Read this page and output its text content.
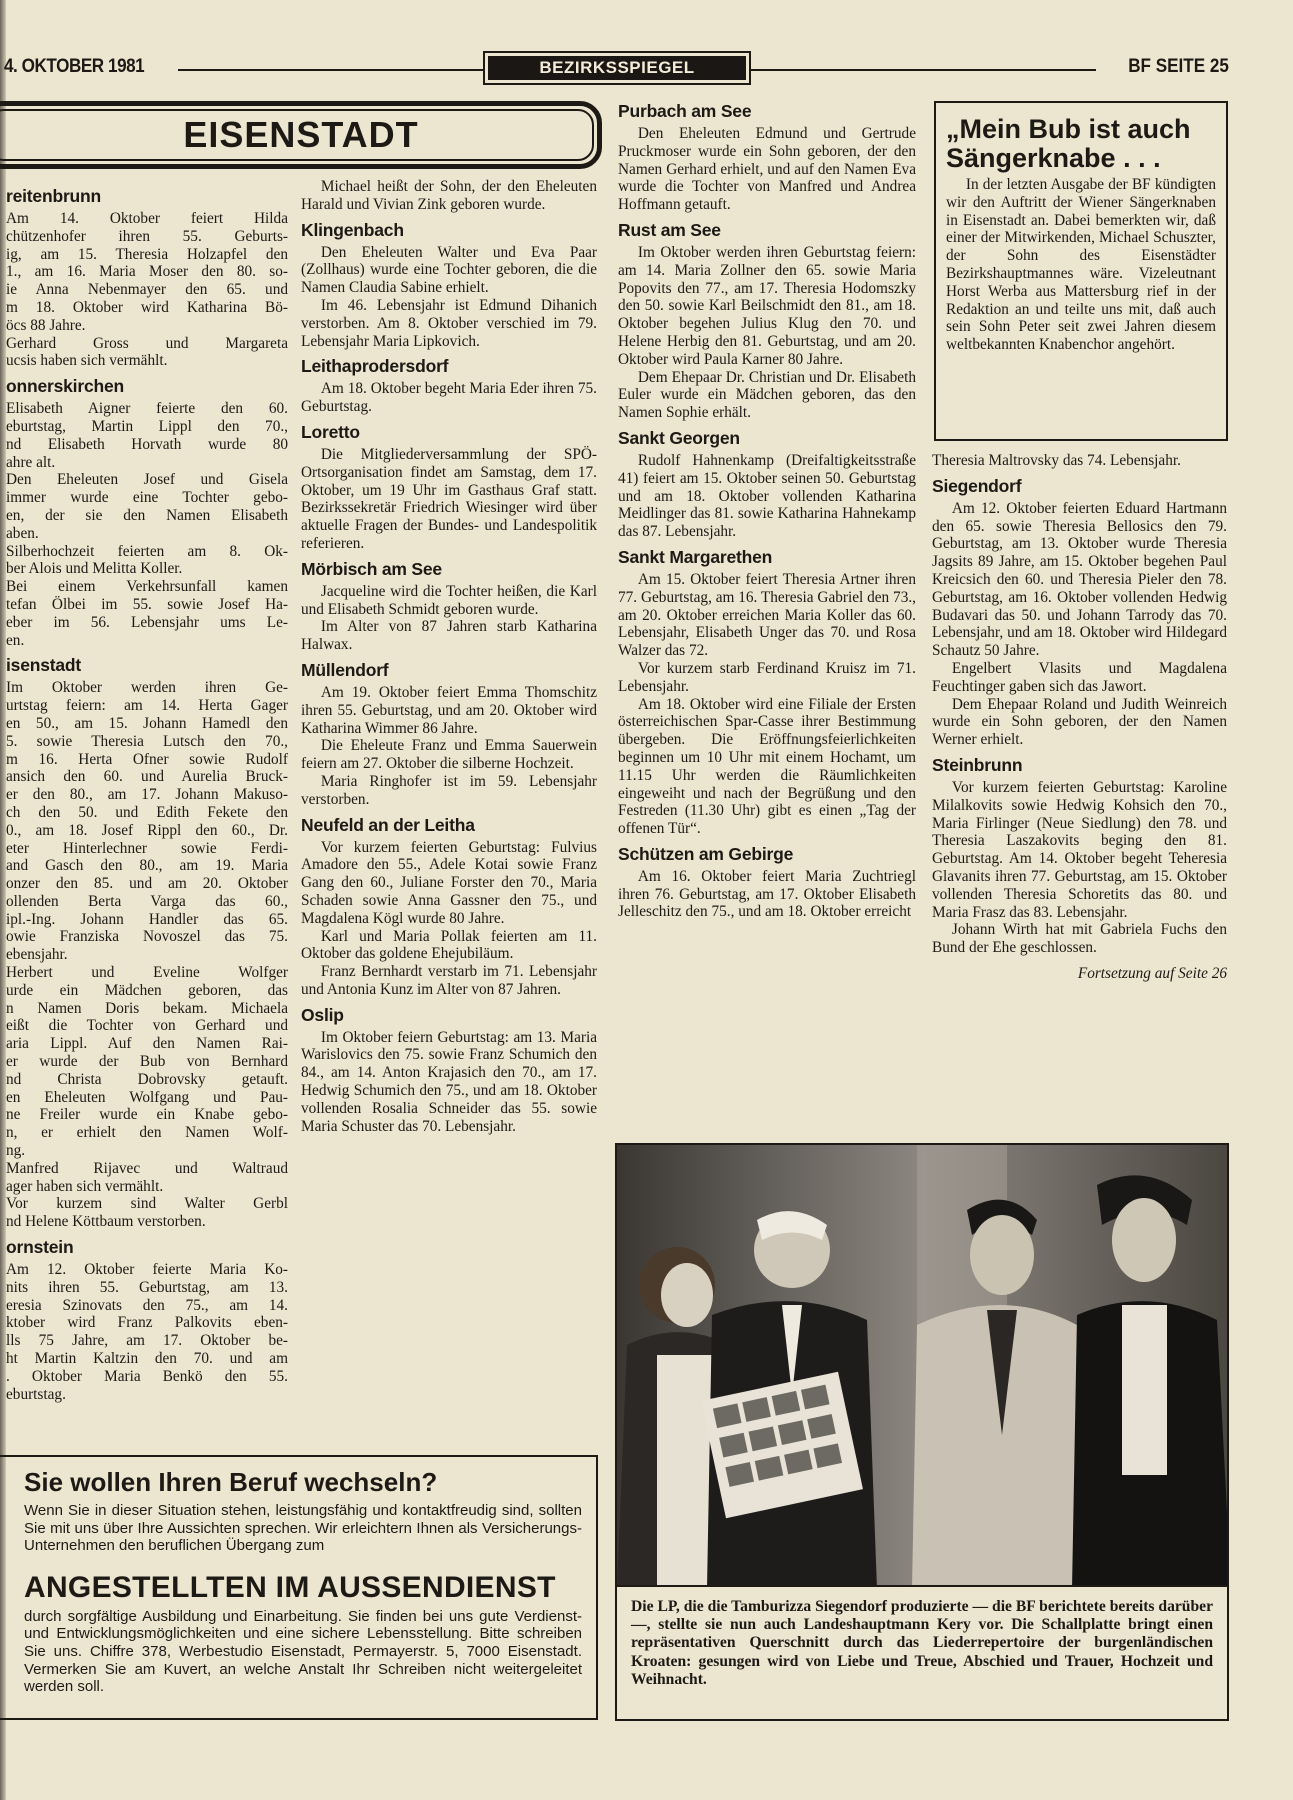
4. OKTOBER 1981	BEZIRKSSPIEGEL	BF SEITE 25
EISENSTADT
reitenbrunn
Am 14. Oktober feiert Hilda
chützenhofer ihren 55. Geburts-
ig, am 15. Theresia Holzapfel den
1., am 16. Maria Moser den 80. so-
ie Anna Nebenmayer den 65. und
m 18. Oktober wird Katharina Bö-
öcs 88 Jahre.
Gerhard Gross und Margareta
ucsis haben sich vermählt.
onnerskirchen
Elisabeth Aigner feierte den 60.
eburtstag, Martin Lippl den 70.,
nd Elisabeth Horvath wurde 80
ahre alt.
Den Eheleuten Josef und Gisela
immer wurde eine Tochter gebo-
en, der sie den Namen Elisabeth
aben.
Silberhochzeit feierten am 8. Ok-
ber Alois und Melitta Koller.
Bei einem Verkehrsunfall kamen
tefan Ölbei im 55. sowie Josef Ha-
eber im 56. Lebensjahr ums Le-
en.
isenstadt
Im Oktober werden ihren Ge-
urtstag feiern: am 14. Herta Gager
en 50., am 15. Johann Hamedl den
5. sowie Theresia Lutsch den 70.,
m 16. Herta Ofner sowie Rudolf
ansich den 60. und Aurelia Bruck-
er den 80., am 17. Johann Makuso-
ch den 50. und Edith Fekete den
0., am 18. Josef Rippl den 60., Dr.
eter Hinterlechner sowie Ferdi-
and Gasch den 80., am 19. Maria
onzer den 85. und am 20. Oktober
ollenden Berta Varga das 60.,
ipl.-Ing. Johann Handler das 65.
owie Franziska Novoszel das 75.
ebensjahr.
Herbert und Eveline Wolfger
urde ein Mädchen geboren, das
n Namen Doris bekam. Michaela
eißt die Tochter von Gerhard und
aria Lippl. Auf den Namen Rai-
er wurde der Bub von Bernhard
nd Christa Dobrovsky getauft.
en Eheleuten Wolfgang und Pau-
ne Freiler wurde ein Knabe gebo-
n, er erhielt den Namen Wolf-
ng.
Manfred Rijavec und Waltraud
ager haben sich vermählt.
Vor kurzem sind Walter Gerbl
nd Helene Köttbaum verstorben.
ornstein
Am 12. Oktober feierte Maria Ko-
nits ihren 55. Geburtstag, am 13.
eresia Szinovats den 75., am 14.
ktober wird Franz Palkovits eben-
lls 75 Jahre, am 17. Oktober be-
ht Martin Kaltzin den 70. und am
. Oktober Maria Benkö den 55.
eburtstag.

Michael heißt der Sohn, der den Eheleuten Harald und Vivian Zink geboren wurde.

Klingenbach

Den Eheleuten Walter und Eva Paar (Zollhaus) wurde eine Tochter geboren, die die Namen Claudia Sabine erhielt.

Im 46. Lebensjahr ist Edmund Dihanich verstorben. Am 8. Oktober verschied im 79. Lebensjahr Maria Lipkovich.

Leithaprodersdorf

Am 18. Oktober begeht Maria Eder ihren 75. Geburtstag.

Loretto

Die Mitgliederversammlung der SPÖ-Ortsorganisation findet am Samstag, dem 17. Oktober, um 19 Uhr im Gasthaus Graf statt. Bezirkssekretär Friedrich Wiesinger wird über aktuelle Fragen der Bundes- und Landespolitik referieren.

Mörbisch am See

Jacqueline wird die Tochter heißen, die Karl und Elisabeth Schmidt geboren wurde.

Im Alter von 87 Jahren starb Katharina Halwax.

Müllendorf

Am 19. Oktober feiert Emma Thomschitz ihren 55. Geburtstag, und am 20. Oktober wird Katharina Wimmer 86 Jahre.

Die Eheleute Franz und Emma Sauerwein feiern am 27. Oktober die silberne Hochzeit.

Maria Ringhofer ist im 59. Lebensjahr verstorben.

Neufeld an der Leitha

Vor kurzem feierten Geburtstag: Fulvius Amadore den 55., Adele Kotai sowie Franz Gang den 60., Juliane Forster den 70., Maria Schaden sowie Anna Gassner den 75., und Magdalena Kögl wurde 80 Jahre.

Karl und Maria Pollak feierten am 11. Oktober das goldene Ehejubiläum.

Franz Bernhardt verstarb im 71. Lebensjahr und Antonia Kunz im Alter von 87 Jahren.

Oslip

Im Oktober feiern Geburtstag: am 13. Maria Warislovics den 75. sowie Franz Schumich den 84., am 14. Anton Krajasich den 70., am 17. Hedwig Schumich den 75., und am 18. Oktober vollenden Rosalia Schneider das 55. sowie Maria Schuster das 70. Lebensjahr.

Purbach am See

Den Eheleuten Edmund und Gertrude Pruckmoser wurde ein Sohn geboren, der den Namen Gerhard erhielt, und auf den Namen Eva wurde die Tochter von Manfred und Andrea Hoffmann getauft.

Rust am See

Im Oktober werden ihren Geburtstag feiern: am 14. Maria Zollner den 65. sowie Maria Popovits den 77., am 17. Theresia Hodomszky den 50. sowie Karl Beilschmidt den 81., am 18. Oktober begehen Julius Klug den 70. und Helene Herbig den 81. Geburtstag, und am 20. Oktober wird Paula Karner 80 Jahre.

Dem Ehepaar Dr. Christian und Dr. Elisabeth Euler wurde ein Mädchen geboren, das den Namen Sophie erhält.

Sankt Georgen

Rudolf Hahnenkamp (Dreifaltigkeitsstraße 41) feiert am 15. Oktober seinen 50. Geburtstag und am 18. Oktober vollenden Katharina Meidlinger das 81. sowie Katharina Hahnekamp das 87. Lebensjahr.

Sankt Margarethen

Am 15. Oktober feiert Theresia Artner ihren 77. Geburtstag, am 16. Theresia Gabriel den 73., am 20. Oktober erreichen Maria Koller das 60. Lebensjahr, Elisabeth Unger das 70. und Rosa Walzer das 72.

Vor kurzem starb Ferdinand Kruisz im 71. Lebensjahr.

Am 18. Oktober wird eine Filiale der Ersten österreichischen Spar-Casse ihrer Bestimmung übergeben. Die Eröffnungsfeierlichkeiten beginnen um 10 Uhr mit einem Hochamt, um 11.15 Uhr werden die Räumlichkeiten eingeweiht und nach der Begrüßung und den Festreden (11.30 Uhr) gibt es einen „Tag der offenen Tür“.

Schützen am Gebirge

Am 16. Oktober feiert Maria Zuchtriegl ihren 76. Geburtstag, am 17. Oktober Elisabeth Jelleschitz den 75., und am 18. Oktober erreicht

„Mein Bub ist auch Sängerknabe . . .

In der letzten Ausgabe der BF kündigten wir den Auftritt der Wiener Sängerknaben in Eisenstadt an. Dabei bemerkten wir, daß einer der Mitwirkenden, Michael Schuszter, der Sohn des Eisenstädter Bezirkshauptmannes wäre. Vizeleutnant Horst Werba aus Mattersburg rief in der Redaktion an und teilte uns mit, daß auch sein Sohn Peter seit zwei Jahren diesem weltbekannten Knabenchor angehört.

Theresia Maltrovsky das 74. Lebensjahr.

Siegendorf

Am 12. Oktober feierten Eduard Hartmann den 65. sowie Theresia Bellosics den 79. Geburtstag, am 13. Oktober wurde Theresia Jagsits 89 Jahre, am 15. Oktober begehen Paul Kreicsich den 60. und Theresia Pieler den 78. Geburtstag, am 16. Oktober vollenden Hedwig Budavari das 50. und Johann Tarrody das 70. Lebensjahr, und am 18. Oktober wird Hildegard Schautz 50 Jahre.

Engelbert Vlasits und Magdalena Feuchtinger gaben sich das Jawort.

Dem Ehepaar Roland und Judith Weinreich wurde ein Sohn geboren, der den Namen Werner erhielt.

Steinbrunn

Vor kurzem feierten Geburtstag: Karoline Milalkovits sowie Hedwig Kohsich den 70., Maria Firlinger (Neue Siedlung) den 78. und Theresia Laszakovits beging den 81. Geburtstag. Am 14. Oktober begeht Teheresia Glavanits ihren 77. Geburtstag, am 15. Oktober vollenden Theresia Schoretits das 80. und Maria Frasz das 83. Lebensjahr.

Johann Wirth hat mit Gabriela Fuchs den Bund der Ehe geschlossen.

Fortsetzung auf Seite 26
Sie wollen Ihren Beruf wechseln?

Wenn Sie in dieser Situation stehen, leistungsfähig und kontaktfreudig sind, sollten Sie mit uns über Ihre Aussichten sprechen. Wir erleichtern Ihnen als Versicherungs-Unternehmen den beruflichen Übergang zum

ANGESTELLTEN IM AUSSENDIENST

durch sorgfältige Ausbildung und Einarbeitung. Sie finden bei uns gute Verdienst- und Entwicklungsmöglichkeiten und eine sichere Lebensstellung. Bitte schreiben Sie uns. Chiffre 378, Werbestudio Eisenstadt, Permayerstr. 5, 7000 Eisenstadt. Vermerken Sie am Kuvert, an welche Anstalt Ihr Schreiben nicht weitergeleitet werden soll.

Die LP, die die Tamburizza Siegendorf produzierte — die BF berichtete bereits darüber —, stellte sie nun auch Landeshauptmann Kery vor. Die Schallplatte bringt einen repräsentativen Querschnitt durch das Liederrepertoire der burgenländischen Kroaten: gesungen wird von Liebe und Treue, Abschied und Trauer, Hochzeit und Weihnacht.
